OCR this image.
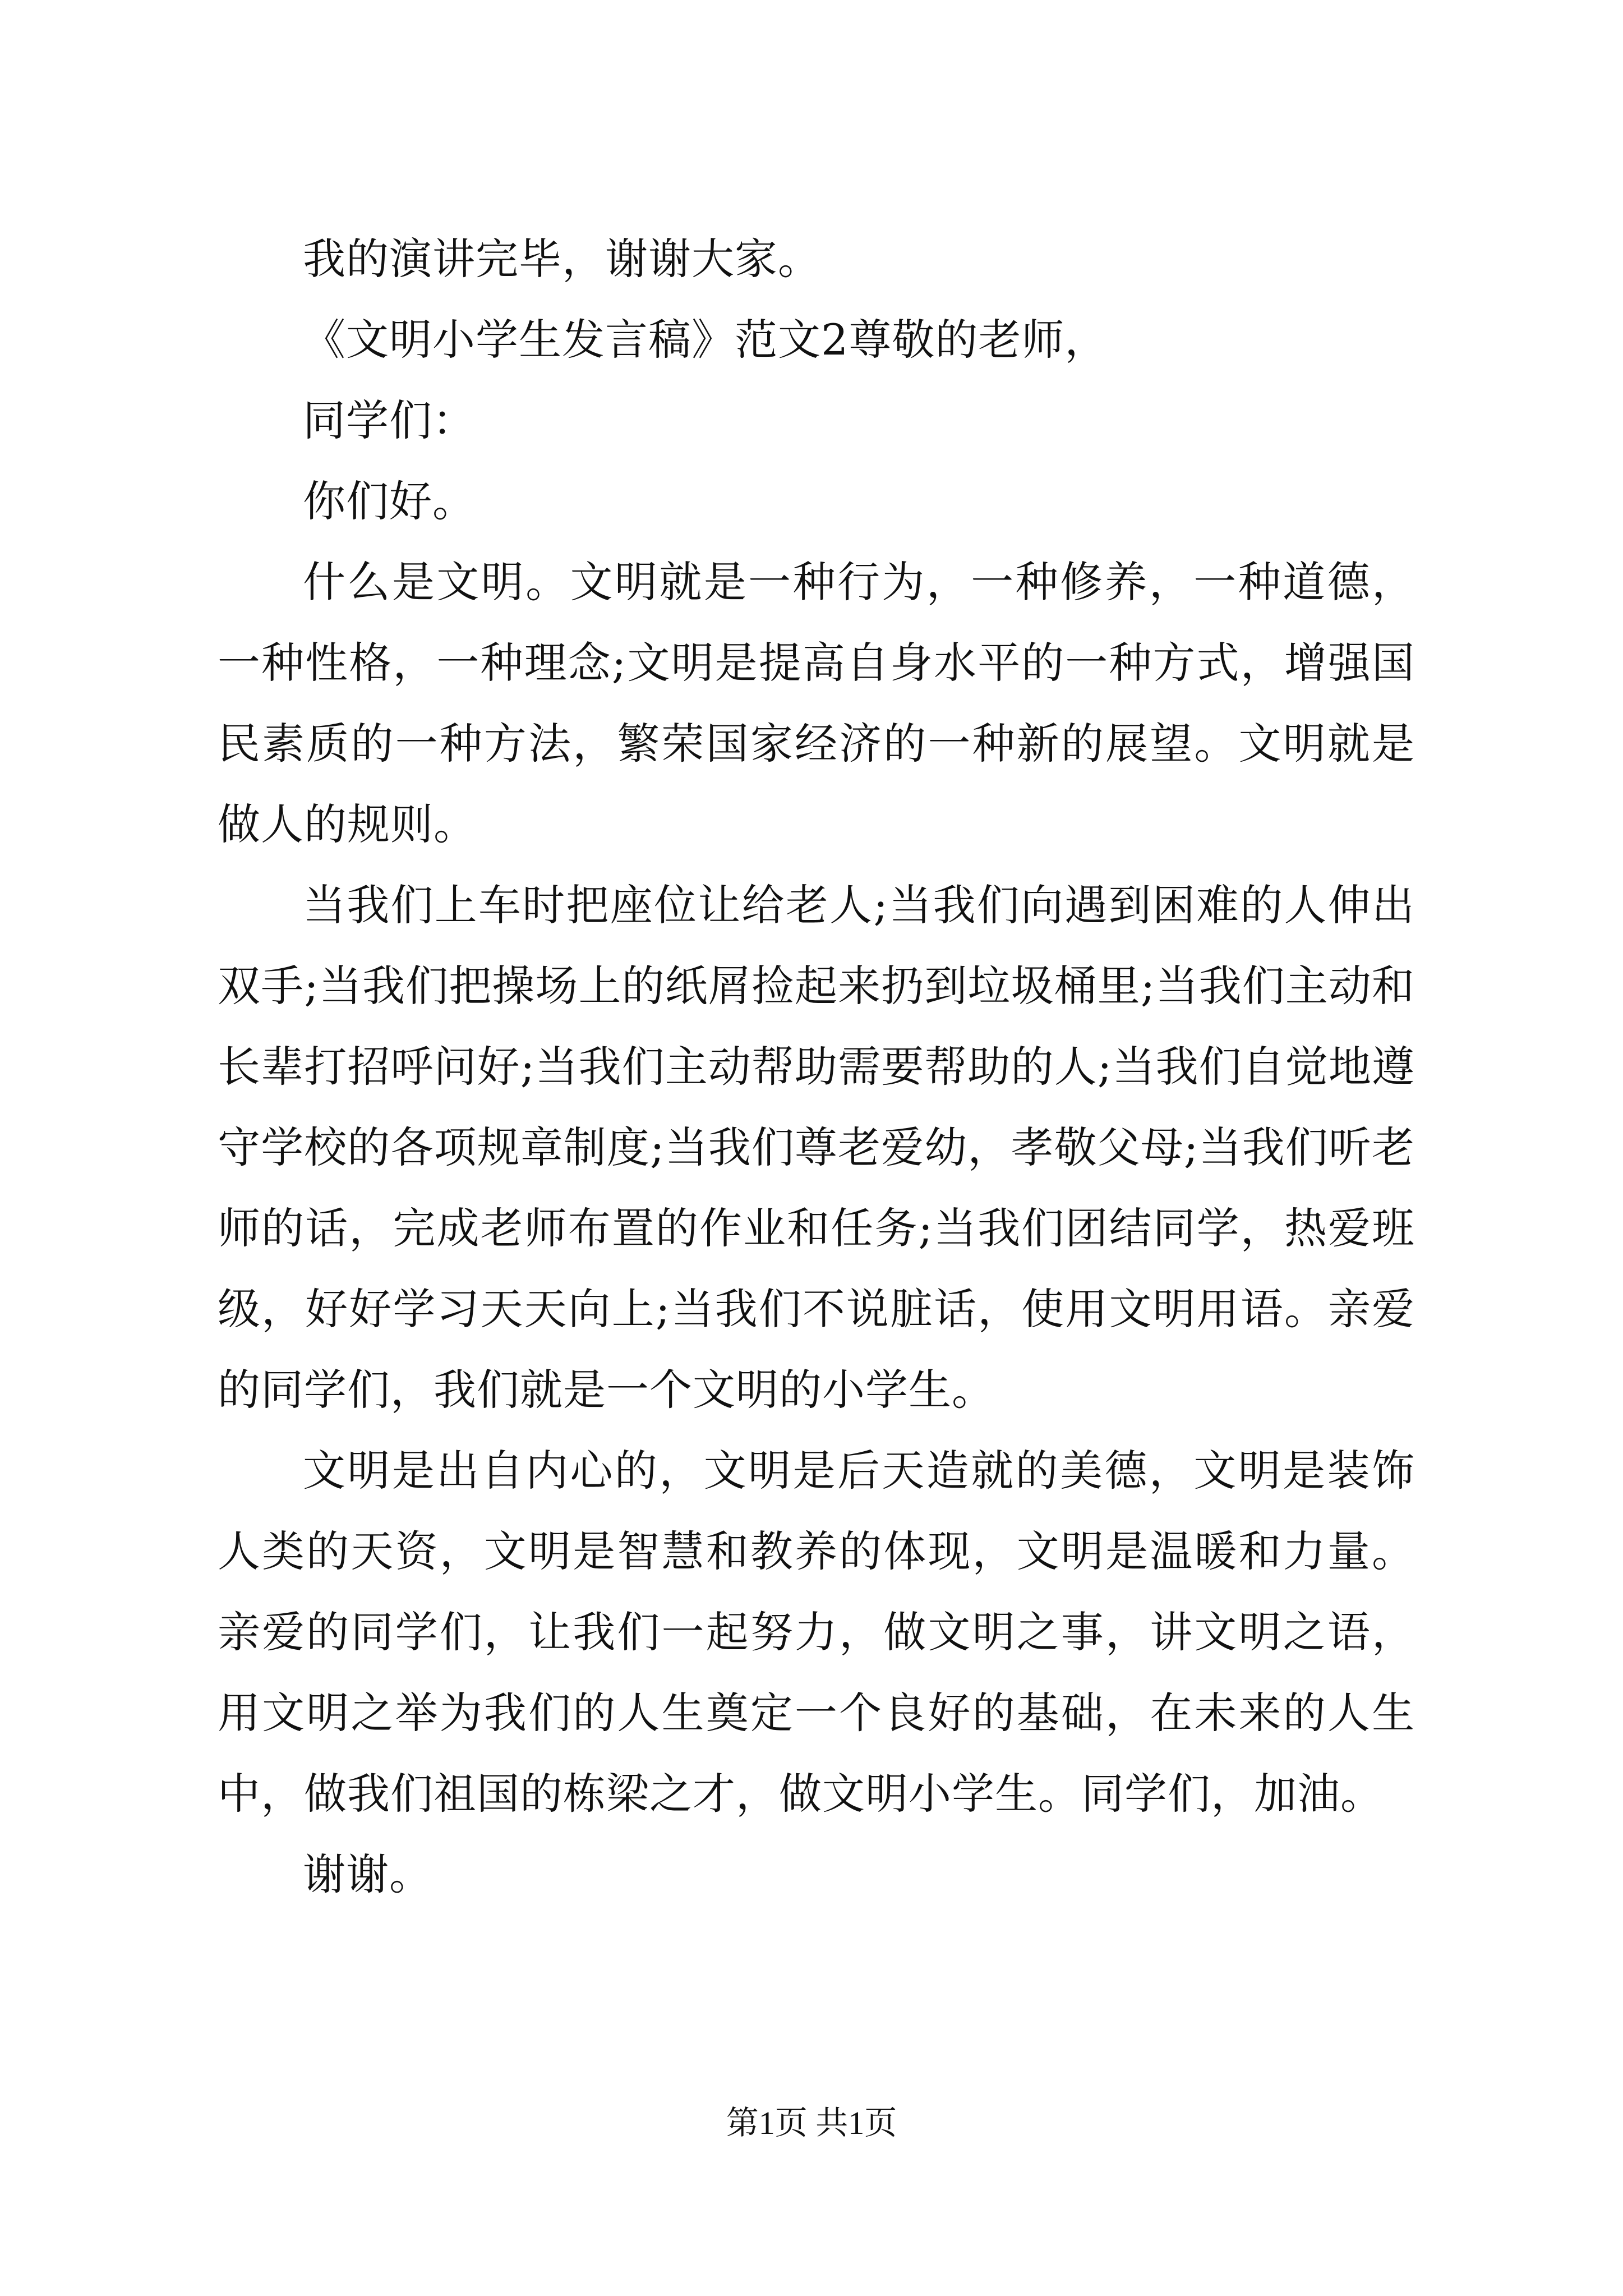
我的演讲完毕，谢谢大家。

《文明小学生发言稿》范文2尊敬的老师，

同学们：

你们好。

什么是文明。文明就是一种行为，一种修养，一种道德，一种性格，一种理念;文明是提高自身水平的一种方式，增强国民素质的一种方法，繁荣国家经济的一种新的展望。文明就是做人的规则。

当我们上车时把座位让给老人;当我们向遇到困难的人伸出双手;当我们把操场上的纸屑捡起来扔到垃圾桶里;当我们主动和长辈打招呼问好;当我们主动帮助需要帮助的人;当我们自觉地遵守学校的各项规章制度;当我们尊老爱幼，孝敬父母;当我们听老师的话，完成老师布置的作业和任务;当我们团结同学，热爱班级，好好学习天天向上;当我们不说脏话，使用文明用语。亲爱的同学们，我们就是一个文明的小学生。

文明是出自内心的，文明是后天造就的美德，文明是装饰人类的天资，文明是智慧和教养的体现，文明是温暖和力量。亲爱的同学们，让我们一起努力，做文明之事，讲文明之语，用文明之举为我们的人生奠定一个良好的基础，在未来的人生中，做我们祖国的栋梁之才，做文明小学生。同学们，加油。

谢谢。

第1页 共1页
